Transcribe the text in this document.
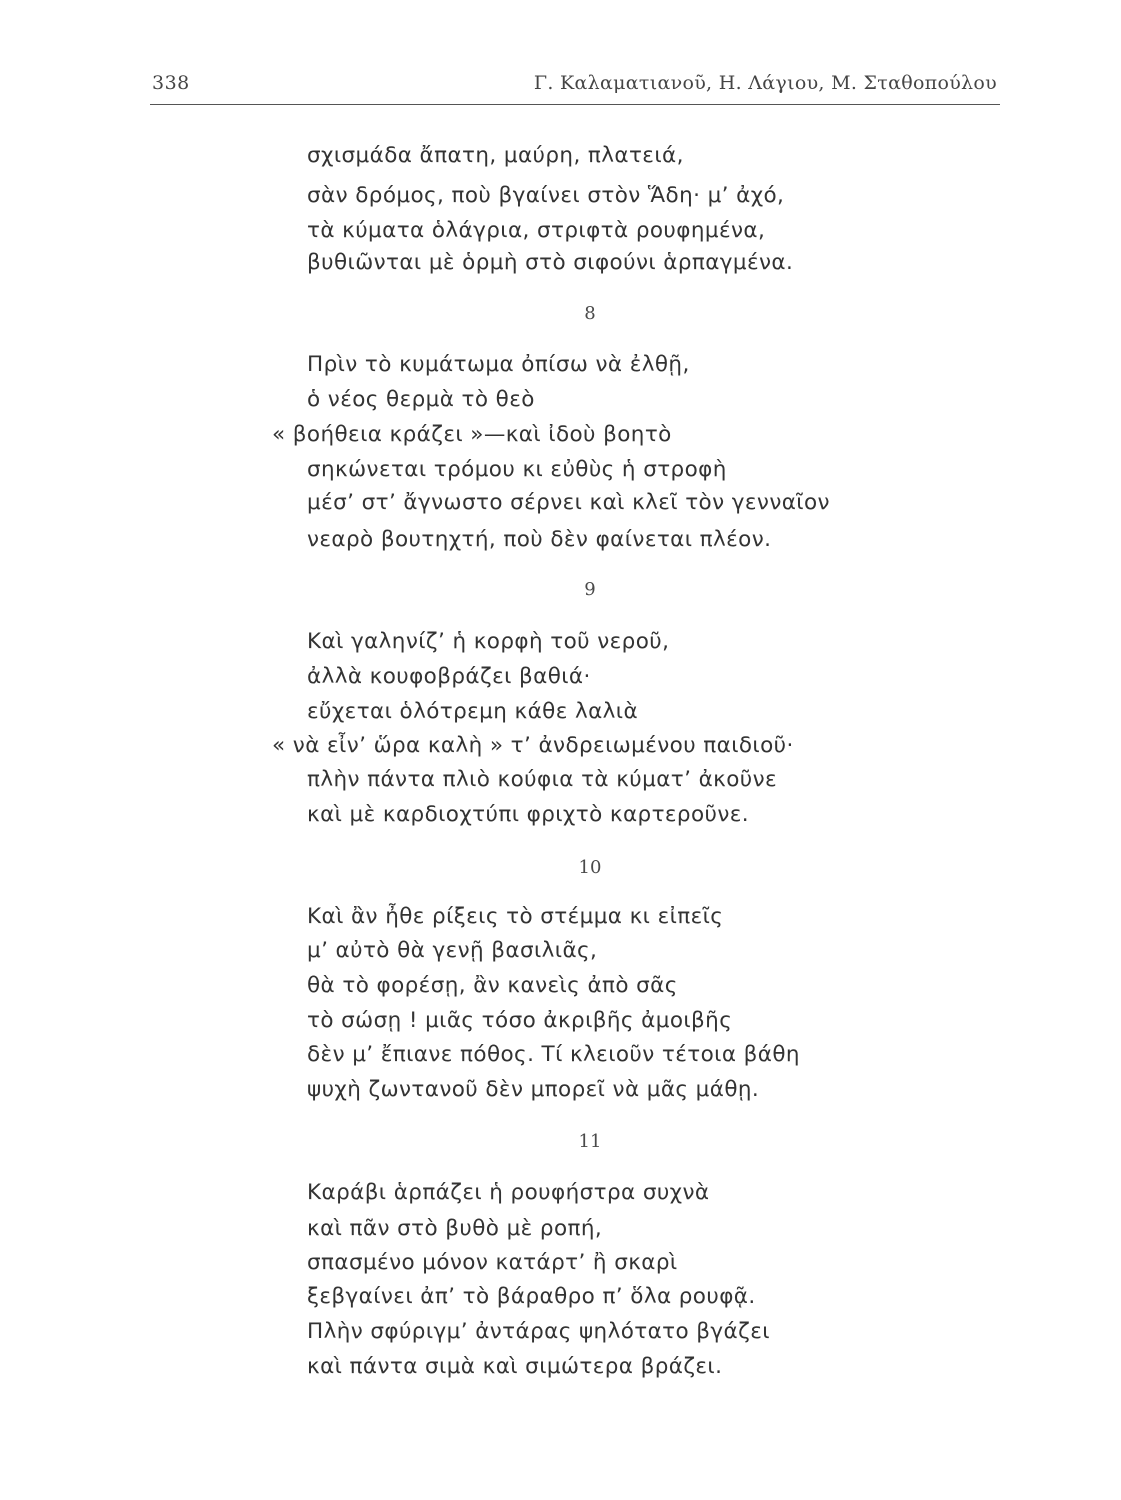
338	Γ. Καλαματιανοῦ, Η. Λάγιου, Μ. Σταθοπούλου
σχισμάδα ἄπατη, μαύρη, πλατειά,
σὰν δρόμος, ποὺ βγαίνει στὸν Ἅδη· μ’ ἀχό,
τὰ κύματα ὁλάγρια, στριφτὰ ρουφημένα,
βυθιῶνται μὲ ὁρμὴ στὸ σιφούνι ἁρπαγμένα.
8
Πρὶν τὸ κυμάτωμα ὀπίσω νὰ ἐλθῇ,
ὁ νέος θερμὰ τὸ θεὸ
« βοήθεια κράζει »—καὶ ἰδοὺ βοητὸ
σηκώνεται τρόμου κι εὐθὺς ἡ στροφὴ
μέσ’ στ’ ἄγνωστο σέρνει καὶ κλεῖ τὸν γενναῖον
νεαρὸ βουτηχτή, ποὺ δὲν φαίνεται πλέον.
9
Καὶ γαληνίζ’ ἡ κορφὴ τοῦ νεροῦ,
ἀλλὰ κουφοβράζει βαθιά·
εὔχεται ὁλότρεμη κάθε λαλιὰ
« νὰ εἶν’ ὥρα καλὴ » τ’ ἀνδρειωμένου παιδιοῦ·
πλὴν πάντα πλιὸ κούφια τὰ κύματ’ ἀκοῦνε
καὶ μὲ καρδιοχτύπι φριχτὸ καρτεροῦνε.
10
Καὶ ἂν ἦθε ρίξεις τὸ στέμμα κι εἰπεῖς
μ’ αὐτὸ θὰ γενῇ βασιλιᾶς,
θὰ τὸ φορέσῃ, ἂν κανεὶς ἀπὸ σᾶς
τὸ σώσῃ ! μιᾶς τόσο ἀκριβῆς ἀμοιβῆς
δὲν μ’ ἔπιανε πόθος. Τί κλειοῦν τέτοια βάθη
ψυχὴ ζωντανοῦ δὲν μπορεῖ νὰ μᾶς μάθῃ.
11
Καράβι ἁρπάζει ἡ ρουφήστρα συχνὰ
καὶ πᾶν στὸ βυθὸ μὲ ροπή,
σπασμένο μόνον κατάρτ’ ἢ σκαρὶ
ξεβγαίνει ἀπ’ τὸ βάραθρο π’ ὅλα ρουφᾷ.
Πλὴν σφύριγμ’ ἀντάρας ψηλότατο βγάζει
καὶ πάντα σιμὰ καὶ σιμώτερα βράζει.
